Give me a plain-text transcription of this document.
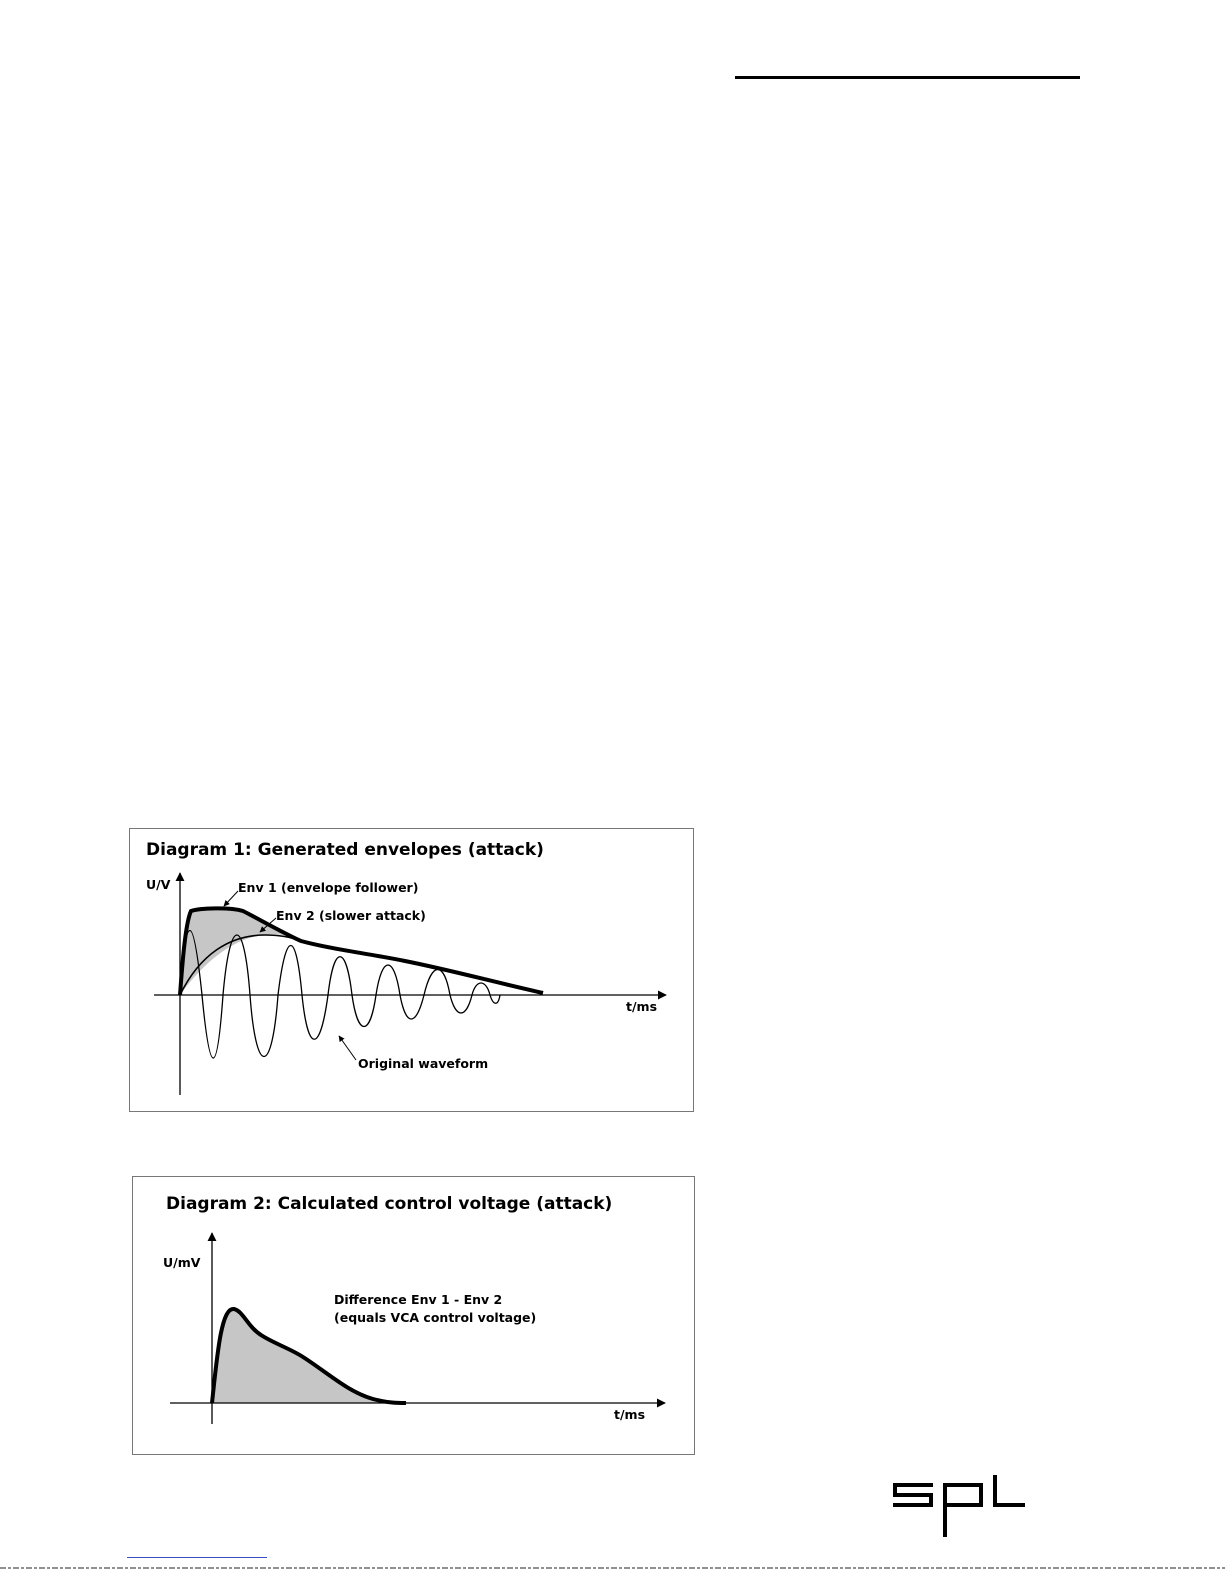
Diagram 1: Generated envelopes (attack)
U/V
t/ms
Env 1 (envelope follower)
Env 2 (slower attack)
Original waveform
Diagram 2: Calculated control voltage (attack)
U/mV
t/ms
Difference Env 1 - Env 2
(equals VCA control voltage)
